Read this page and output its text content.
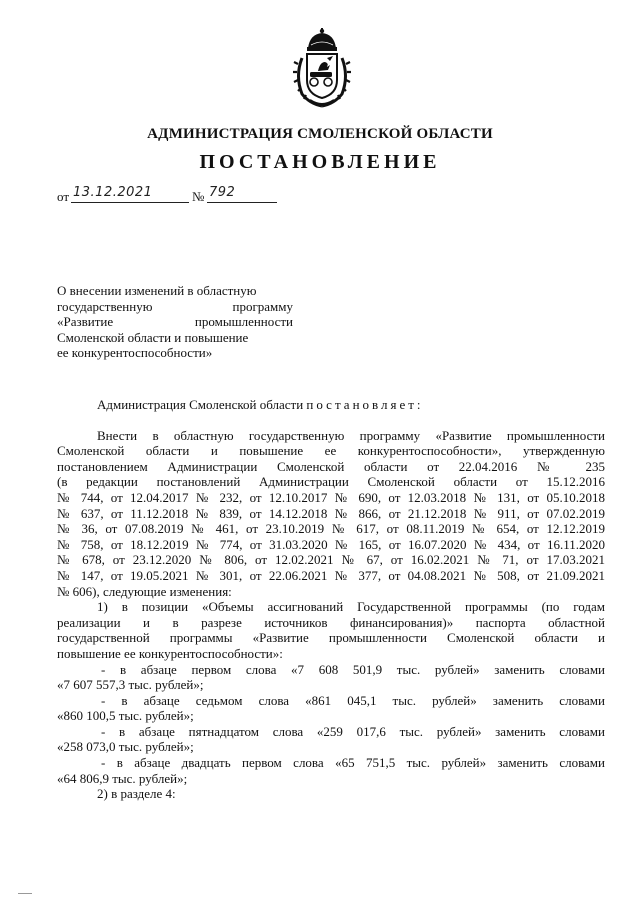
АДМИНИСТРАЦИЯ СМОЛЕНСКОЙ ОБЛАСТИ
ПОСТАНОВЛЕНИЕ
от 13.12.2021	№ 792
О внесении изменений в областную
государственную	программу
«Развитие	промышленности
Смоленской области и повышение
ее конкурентоспособности»
Администрация Смоленской области постановляет:
Внести в областную государственную программу «Развитие промышленности
Смоленской области и повышение ее конкурентоспособности», утвержденную
постановлением Администрации Смоленской области от 22.04.2016 № 235
(в редакции постановлений Администрации Смоленской области от 15.12.2016
№ 744, от 12.04.2017 № 232, от 12.10.2017 № 690, от 12.03.2018 № 131, от 05.10.2018
№ 637, от 11.12.2018 № 839, от 14.12.2018 № 866, от 21.12.2018 № 911, от 07.02.2019
№ 36, от 07.08.2019 № 461, от 23.10.2019 № 617, от 08.11.2019 № 654, от 12.12.2019
№ 758, от 18.12.2019 № 774, от 31.03.2020 № 165, от 16.07.2020 № 434, от 16.11.2020
№ 678, от 23.12.2020 № 806, от 12.02.2021 № 67, от 16.02.2021 № 71, от 17.03.2021
№ 147, от 19.05.2021 № 301, от 22.06.2021 № 377, от 04.08.2021 № 508, от 21.09.2021
№ 606), следующие изменения:
1) в позиции «Объемы ассигнований Государственной программы (по годам
реализации и в разрезе источников финансирования)» паспорта областной
государственной программы «Развитие промышленности Смоленской области и
повышение ее конкурентоспособности»:
- в абзаце первом слова «7 608 501,9 тыс. рублей» заменить словами
«7 607 557,3 тыс. рублей»;
- в абзаце седьмом слова «861 045,1 тыс. рублей» заменить словами
«860 100,5 тыс. рублей»;
- в абзаце пятнадцатом слова «259 017,6 тыс. рублей» заменить словами
«258 073,0 тыс. рублей»;
- в абзаце двадцать первом слова «65 751,5 тыс. рублей» заменить словами
«64 806,9 тыс. рублей»;
2) в разделе 4:
